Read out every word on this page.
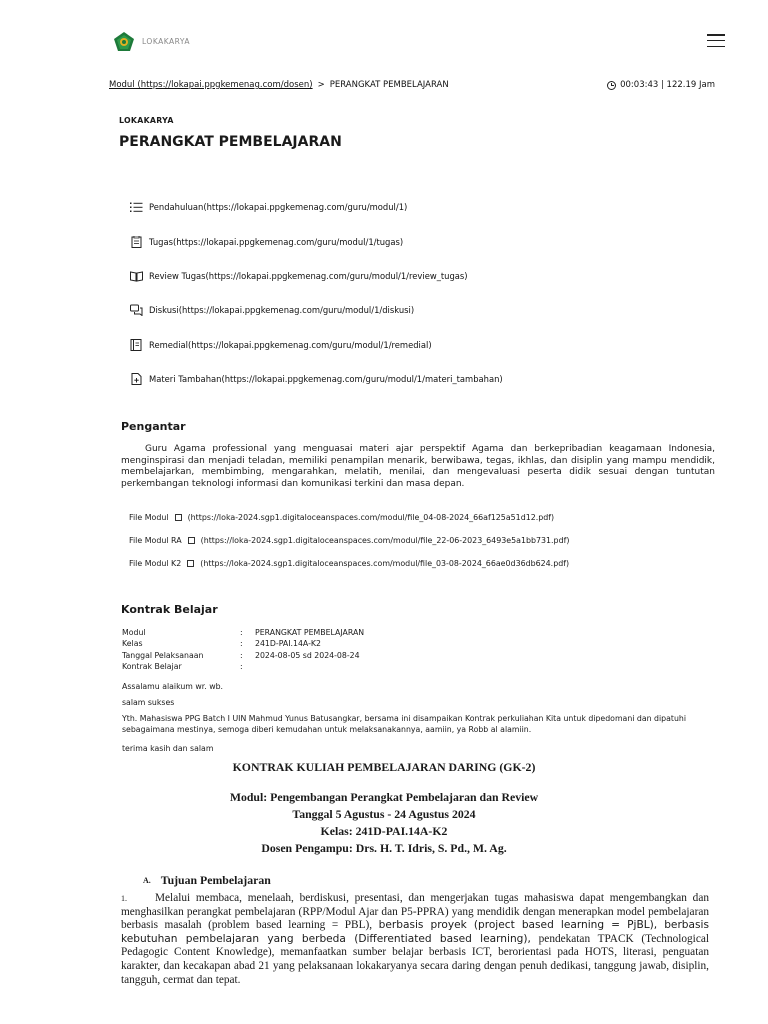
LOKAKARYA
Modul (https://lokapai.ppgkemenag.com/dosen) > PERANGKAT PEMBELAJARAN	00:03:43 | 122.19 Jam
LOKAKARYA
PERANGKAT PEMBELAJARAN
Pendahuluan(https://lokapai.ppgkemenag.com/guru/modul/1)
Tugas(https://lokapai.ppgkemenag.com/guru/modul/1/tugas)
Review Tugas(https://lokapai.ppgkemenag.com/guru/modul/1/review_tugas)
Diskusi(https://lokapai.ppgkemenag.com/guru/modul/1/diskusi)
Remedial(https://lokapai.ppgkemenag.com/guru/modul/1/remedial)
Materi Tambahan(https://lokapai.ppgkemenag.com/guru/modul/1/materi_tambahan)
Pengantar

Guru Agama professional yang menguasai materi ajar perspektif Agama dan berkepribadian keagamaan Indonesia, menginspirasi dan menjadi teladan, memiliki penampilan menarik, berwibawa, tegas, ikhlas, dan disiplin yang mampu mendidik, membelajarkan, membimbing, mengarahkan, melatih, menilai, dan mengevaluasi peserta didik sesuai dengan tuntutan perkembangan teknologi informasi dan komunikasi terkini dan masa depan.

File Modul (https://loka-2024.sgp1.digitaloceanspaces.com/modul/file_04-08-2024_66af125a51d12.pdf)
File Modul RA (https://loka-2024.sgp1.digitaloceanspaces.com/modul/file_22-06-2023_6493e5a1bb731.pdf)
File Modul K2 (https://loka-2024.sgp1.digitaloceanspaces.com/modul/file_03-08-2024_66ae0d36db624.pdf)
Kontrak Belajar
Modul	:	PERANGKAT PEMBELAJARAN
Kelas	:	241D-PAI.14A-K2
Tanggal Pelaksanaan	:	2024-08-05 sd 2024-08-24
Kontrak Belajar	:
Assalamu alaikum wr. wb.
salam sukses
Yth. Mahasiswa PPG Batch I UIN Mahmud Yunus Batusangkar, bersama ini disampaikan Kontrak perkuliahan Kita untuk dipedomani dan dipatuhi sebagaimana mestinya, semoga diberi kemudahan untuk melaksanakannya, aamiin, ya Robb al alamiin.
terima kasih dan salam
KONTRAK KULIAH PEMBELAJARAN DARING (GK-2)
Modul: Pengembangan Perangkat Pembelajaran dan Review
Tanggal 5 Agustus - 24 Agustus 2024
Kelas: 241D-PAI.14A-K2
Dosen Pengampu: Drs. H. T. Idris, S. Pd., M. Ag.
A. Tujuan Pembelajaran

1. Melalui membaca, menelaah, berdiskusi, presentasi, dan mengerjakan tugas mahasiswa dapat mengembangkan dan menghasilkan perangkat pembelajaran (RPP/Modul Ajar dan P5-PPRA) yang mendidik dengan menerapkan model pembelajaran berbasis masalah (problem based learning = PBL), berbasis proyek (project based learning = PjBL), berbasis kebutuhan pembelajaran yang berbeda (Differentiated based learning), pendekatan TPACK (Technological Pedagogic Content Knowledge), memanfaatkan sumber belajar berbasis ICT, berorientasi pada HOTS, literasi, penguatan karakter, dan kecakapan abad 21 yang pelaksanaan lokakaryanya secara daring dengan penuh dedikasi, tanggung jawab, disiplin, tangguh, cermat dan tepat.
